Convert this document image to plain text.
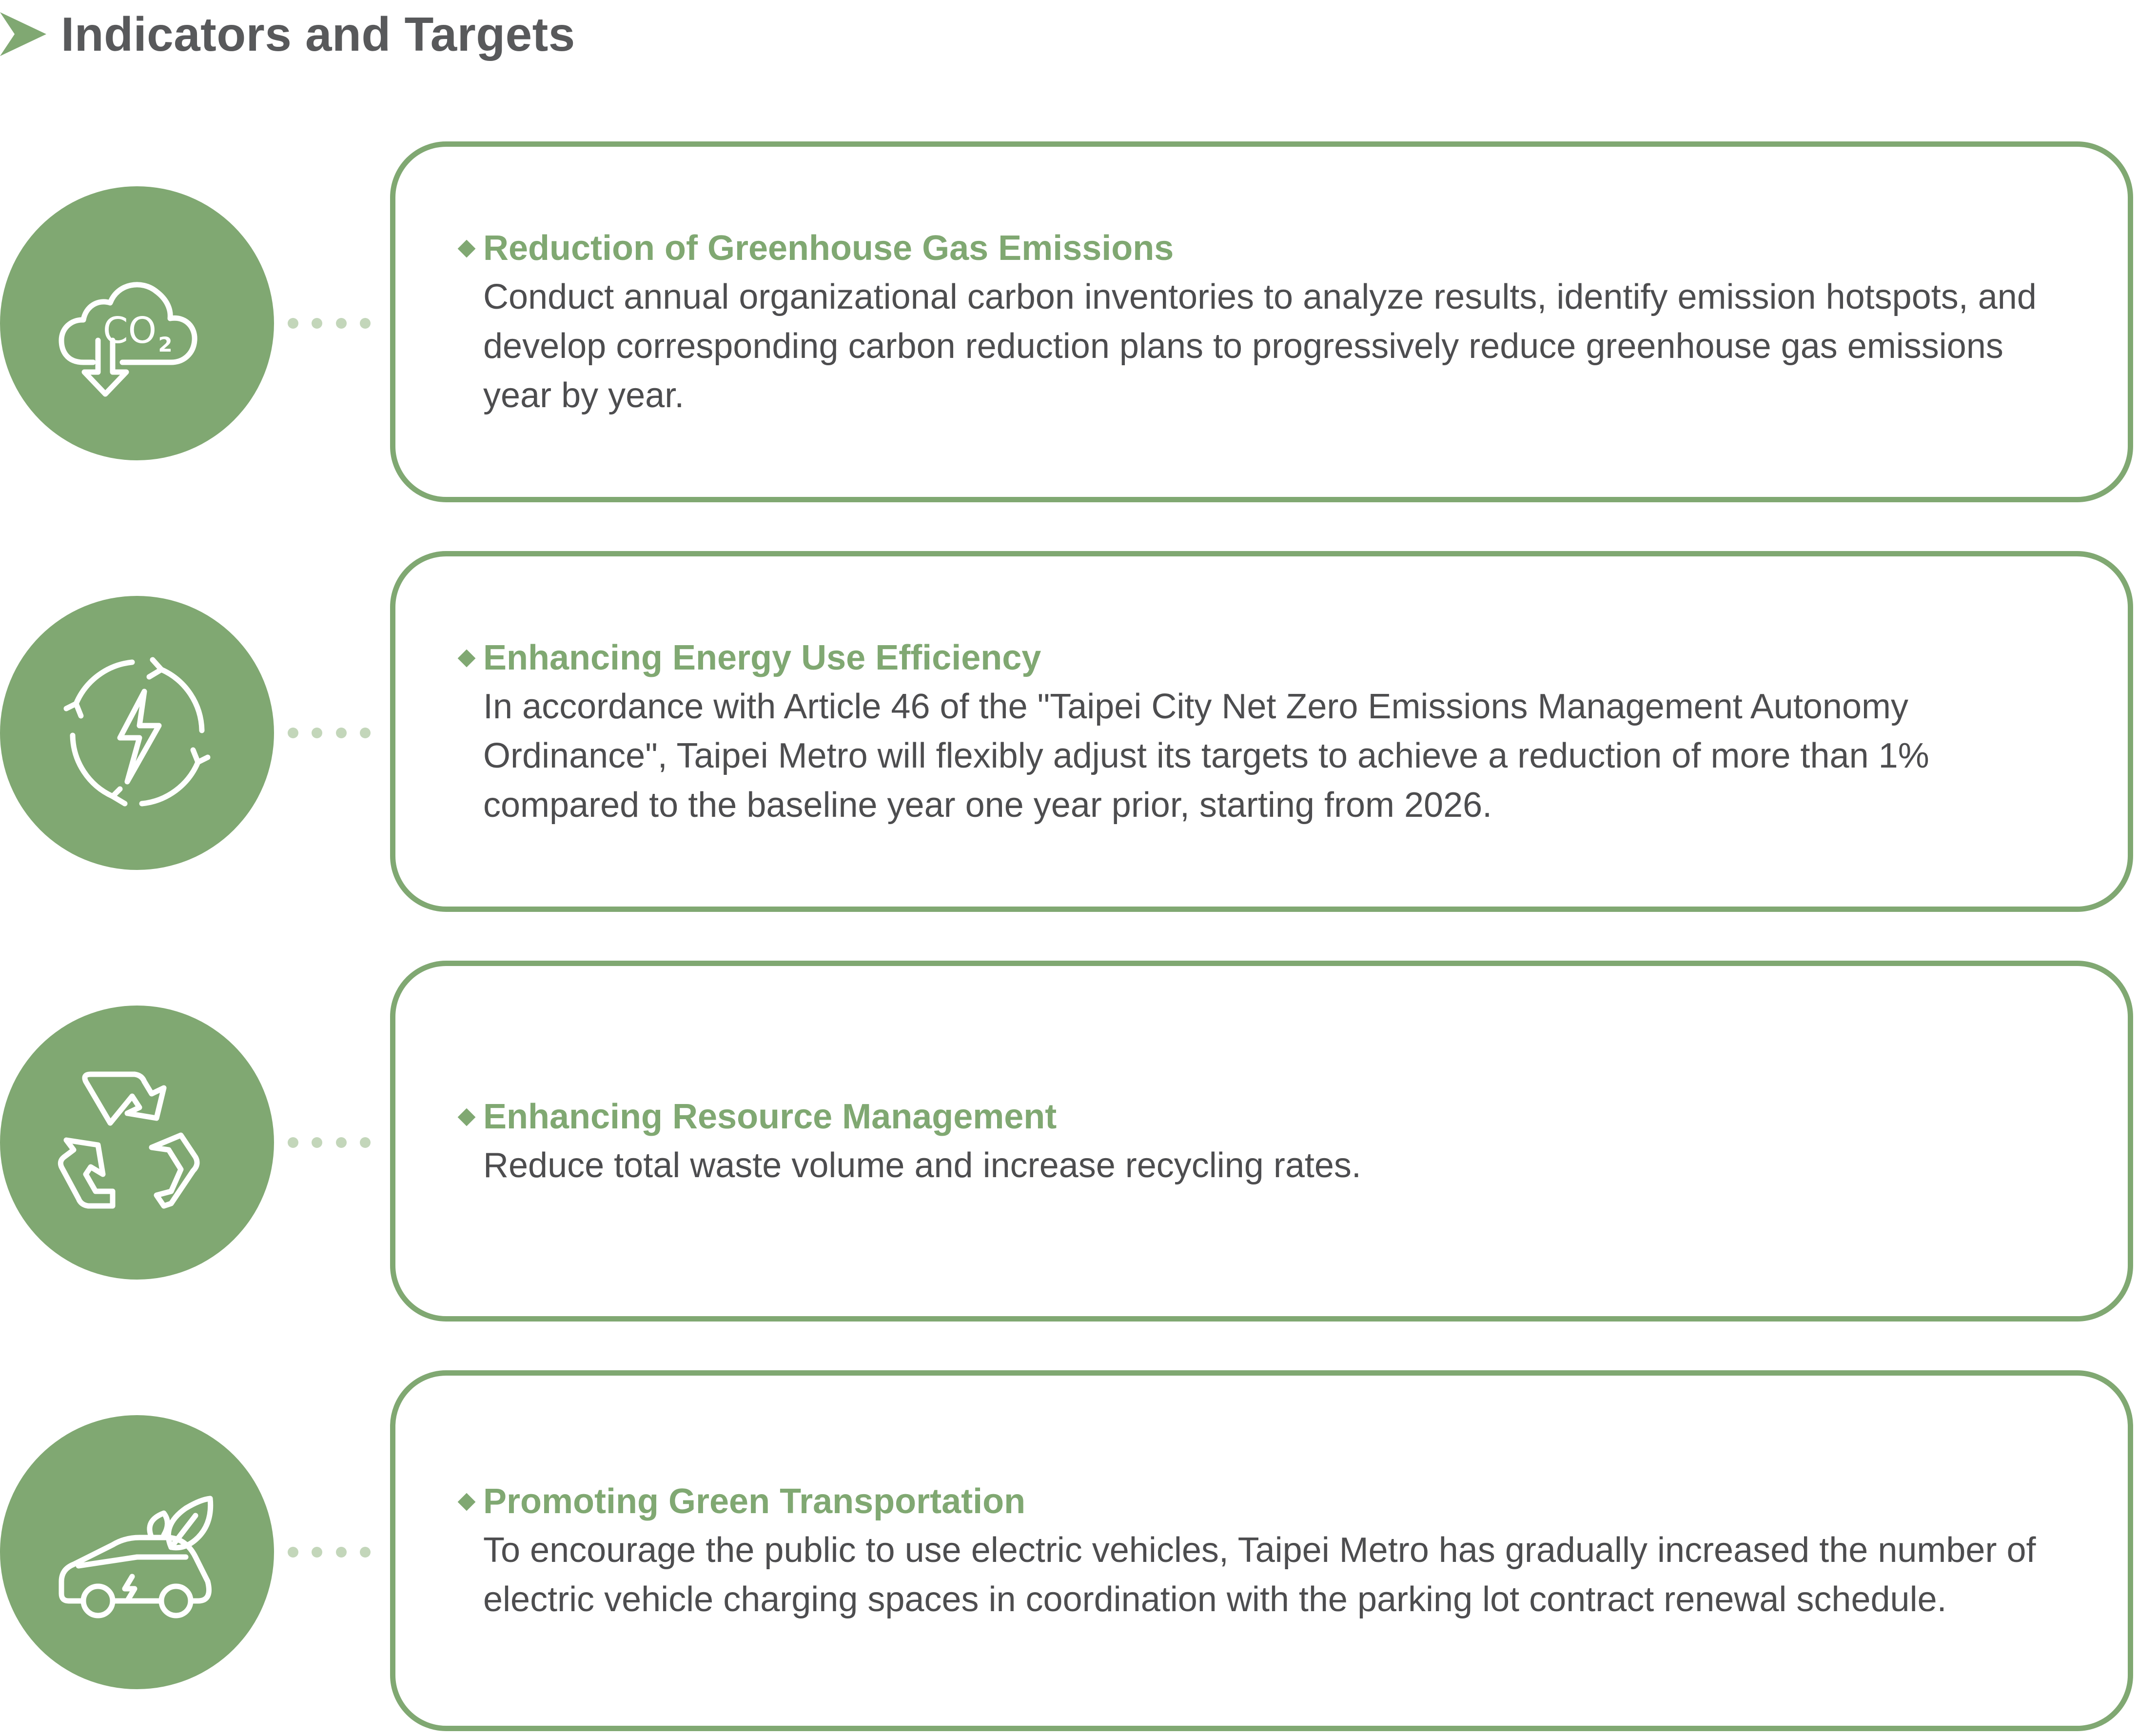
Indicators and Targets
CO 2
Reduction of Greenhouse Gas Emissions
Conduct annual organizational carbon inventories to analyze results, identify emission hotspots, and develop corresponding carbon reduction plans to progressively reduce greenhouse gas emissions year by year.
Enhancing Energy Use Efficiency
In accordance with Article 46 of the "Taipei City Net Zero Emissions Management Autonomy Ordinance", Taipei Metro will flexibly adjust its targets to achieve a reduction of more than 1% compared to the baseline year one year prior, starting from 2026.
Enhancing Resource Management
Reduce total waste volume and increase recycling rates.
Promoting Green Transportation
To encourage the public to use electric vehicles, Taipei Metro has gradually increased the number of electric vehicle charging spaces in coordination with the parking lot contract renewal schedule.
